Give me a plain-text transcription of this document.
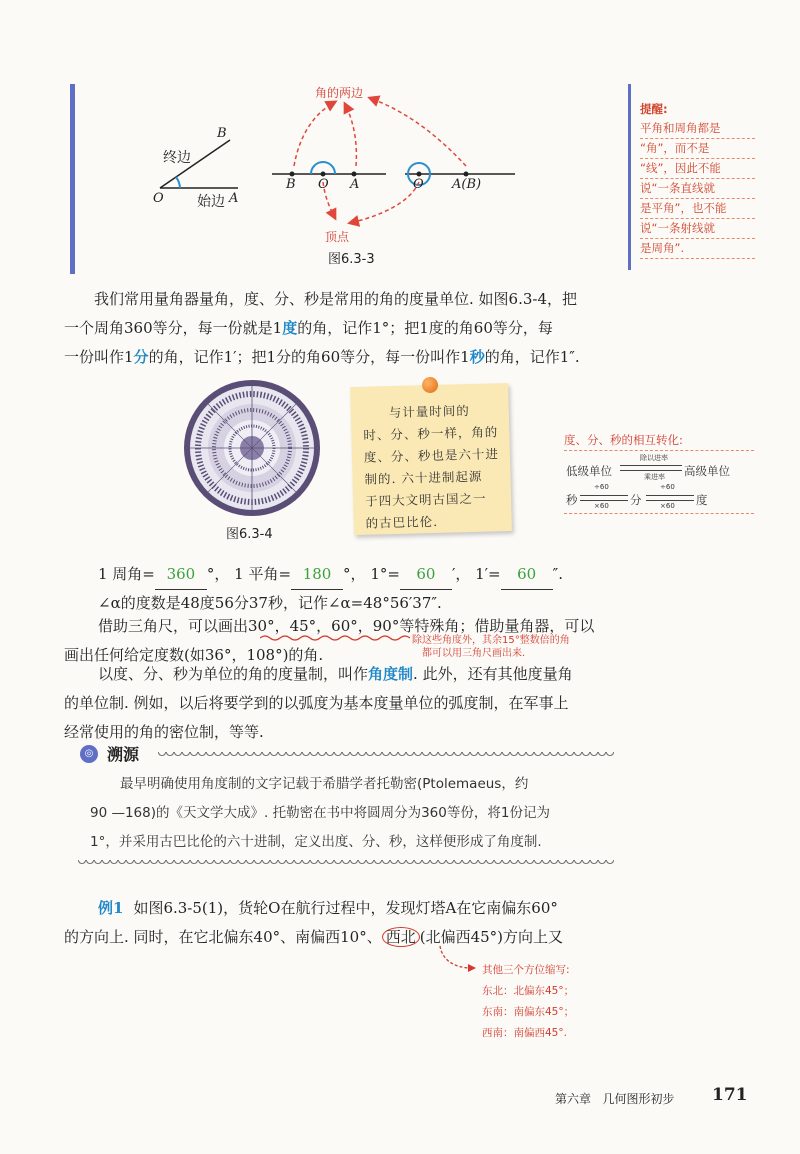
角的两边
顶点
终边
始边
B
O	A
B O A	O A(B)
图6.3-3
提醒:
平角和周角都是
“角”，而不是
“线”，因此不能
说“一条直线就
是平角”，也不能
说“一条射线就
是周角”.
我们常用量角器量角，度、分、秒是常用的角的度量单位. 如图6.3-4，把
一个周角360等分，每一份就是1度的角，记作1°；把1度的角60等分，每
一份叫作1分的角，记作1′；把1分的角60等分，每一份叫作1秒的角，记作1″.
图6.3-4
与计量时间的
时、分、秒一样，角的
度、分、秒也是六十进
制的. 六十进制起源
于四大文明古国之一
的古巴比伦.
度、分、秒的相互转化:
低级单位
除以进率
乘进率 高级单位
秒
÷60
×60 分
÷60
×60 度
1 周角= 360 °， 1 平角= 180 °， 1°= 60 ′， 1′= 60 ″.
∠α的度数是48度56分37秒，记作∠α=48°56′37″.
借助三角尺，可以画出30°，45°，60°，90°等特殊角；借助量角器，可以
画出任何给定度数(如36°，108°)的角.
除这些角度外，其余15°整数倍的角
都可以用三角尺画出来.
以度、分、秒为单位的角的度量制，叫作角度制. 此外，还有其他度量角
的单位制. 例如，以后将要学到的以弧度为基本度量单位的弧度制，在军事上
经常使用的角的密位制，等等.
◎ 溯源
最早明确使用角度制的文字记载于希腊学者托勒密(Ptolemaeus，约
90 —168)的《天文学大成》. 托勒密在书中将圆周分为360等份，将1份记为
1°，并采用古巴比伦的六十进制，定义出度、分、秒，这样便形成了角度制.
例1 如图6.3-5(1)，货轮O在航行过程中，发现灯塔A在它南偏东60°
的方向上. 同时，在它北偏东40°、南偏西10°、 西北 (北偏西45°)方向上又
其他三个方位缩写:
东北：北偏东45°；
东南：南偏东45°；
西南：南偏西45°.
第六章   几何图形初步 171
